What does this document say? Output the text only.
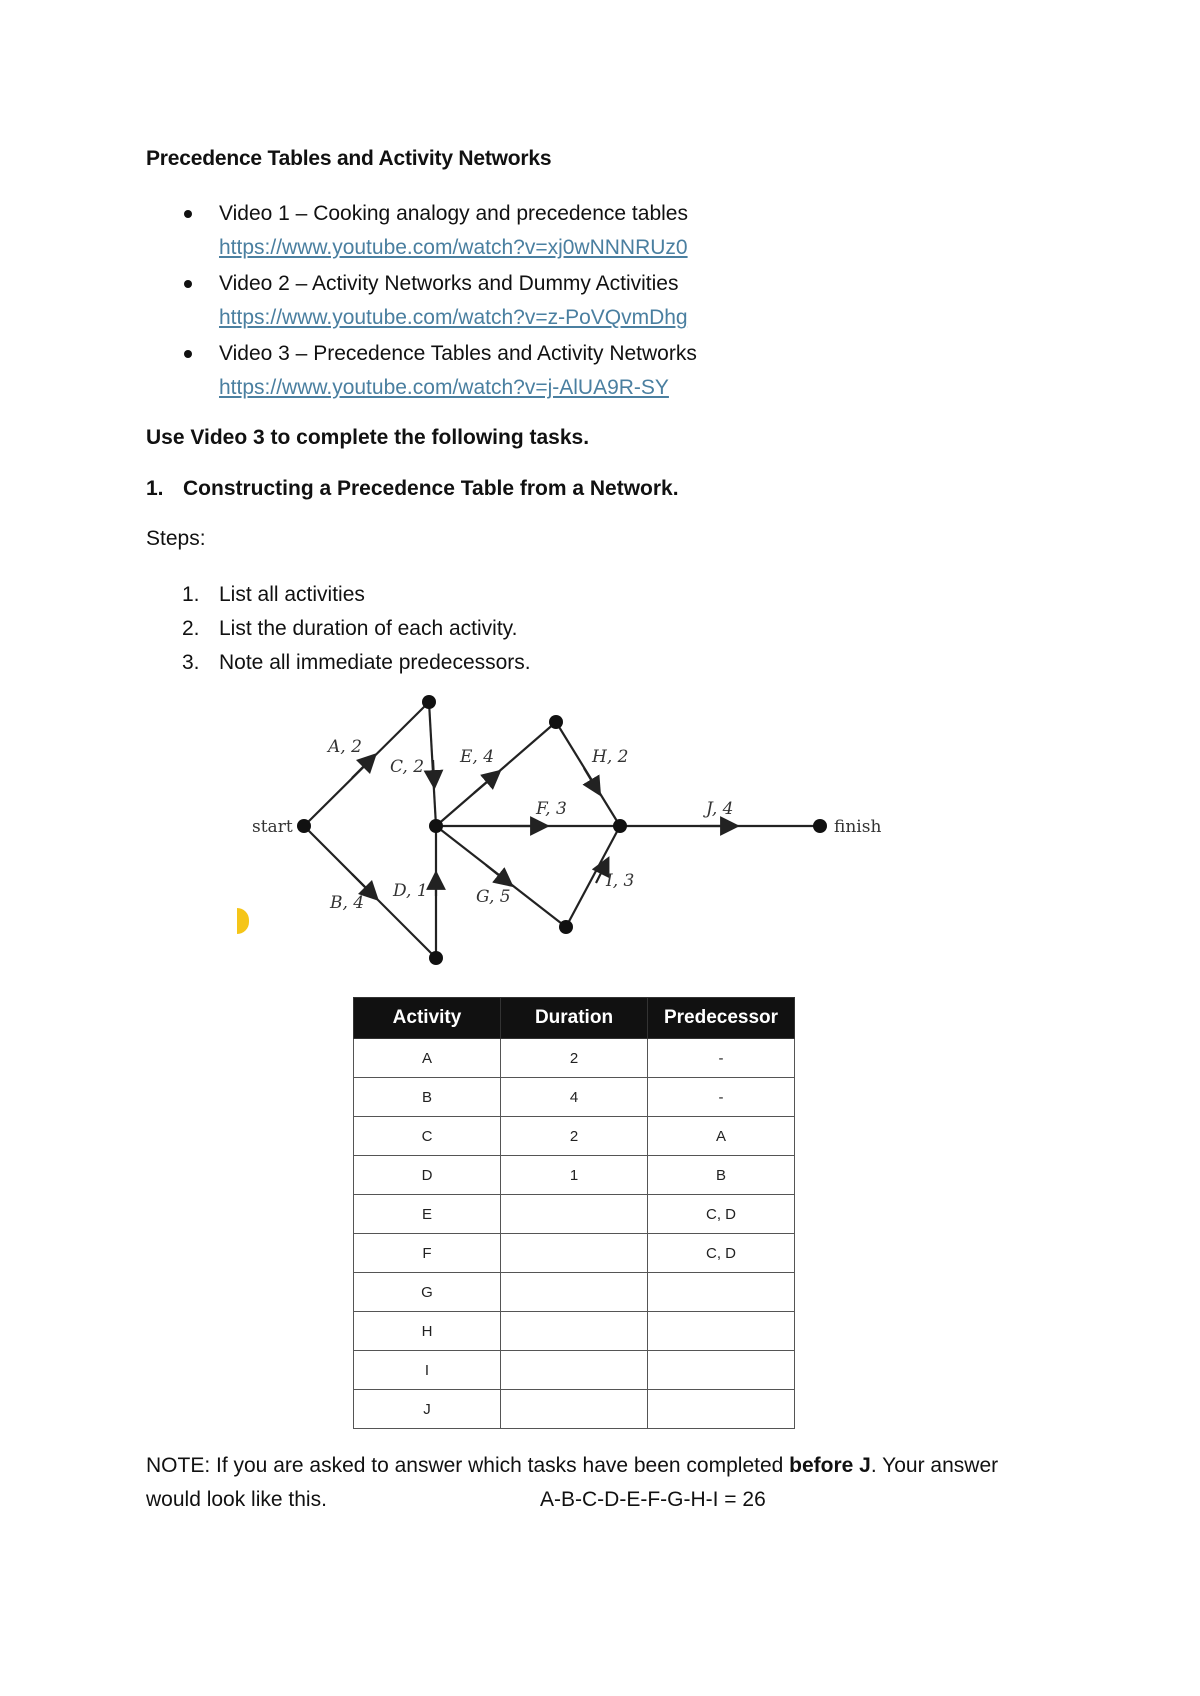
Precedence Tables and Activity Networks
Video 1 – Cooking analogy and precedence tables
https://www.youtube.com/watch?v=xj0wNNNRUz0
Video 2 – Activity Networks and Dummy Activities
https://www.youtube.com/watch?v=z-PoVQvmDhg
Video 3 – Precedence Tables and Activity Networks
https://www.youtube.com/watch?v=j-AlUA9R-SY
Use Video 3 to complete the following tasks.
1. Constructing a Precedence Table from a Network.
Steps:
1. List all activities
2. List the duration of each activity.
3. Note all immediate predecessors.
start	finish
A, 2
B, 4
C, 2
D, 1
E, 4
F, 3
G, 5
H, 2
I, 3
J, 4
Activity	Duration	Predecessor
A	2	-
B	4	-
C	2	A
D	1	B
E		C, D
F		C, D
G		
H		
I		
J		
NOTE: If you are asked to answer which tasks have been completed before J. Your answer would look like this.	A-B-C-D-E-F-G-H-I = 26
